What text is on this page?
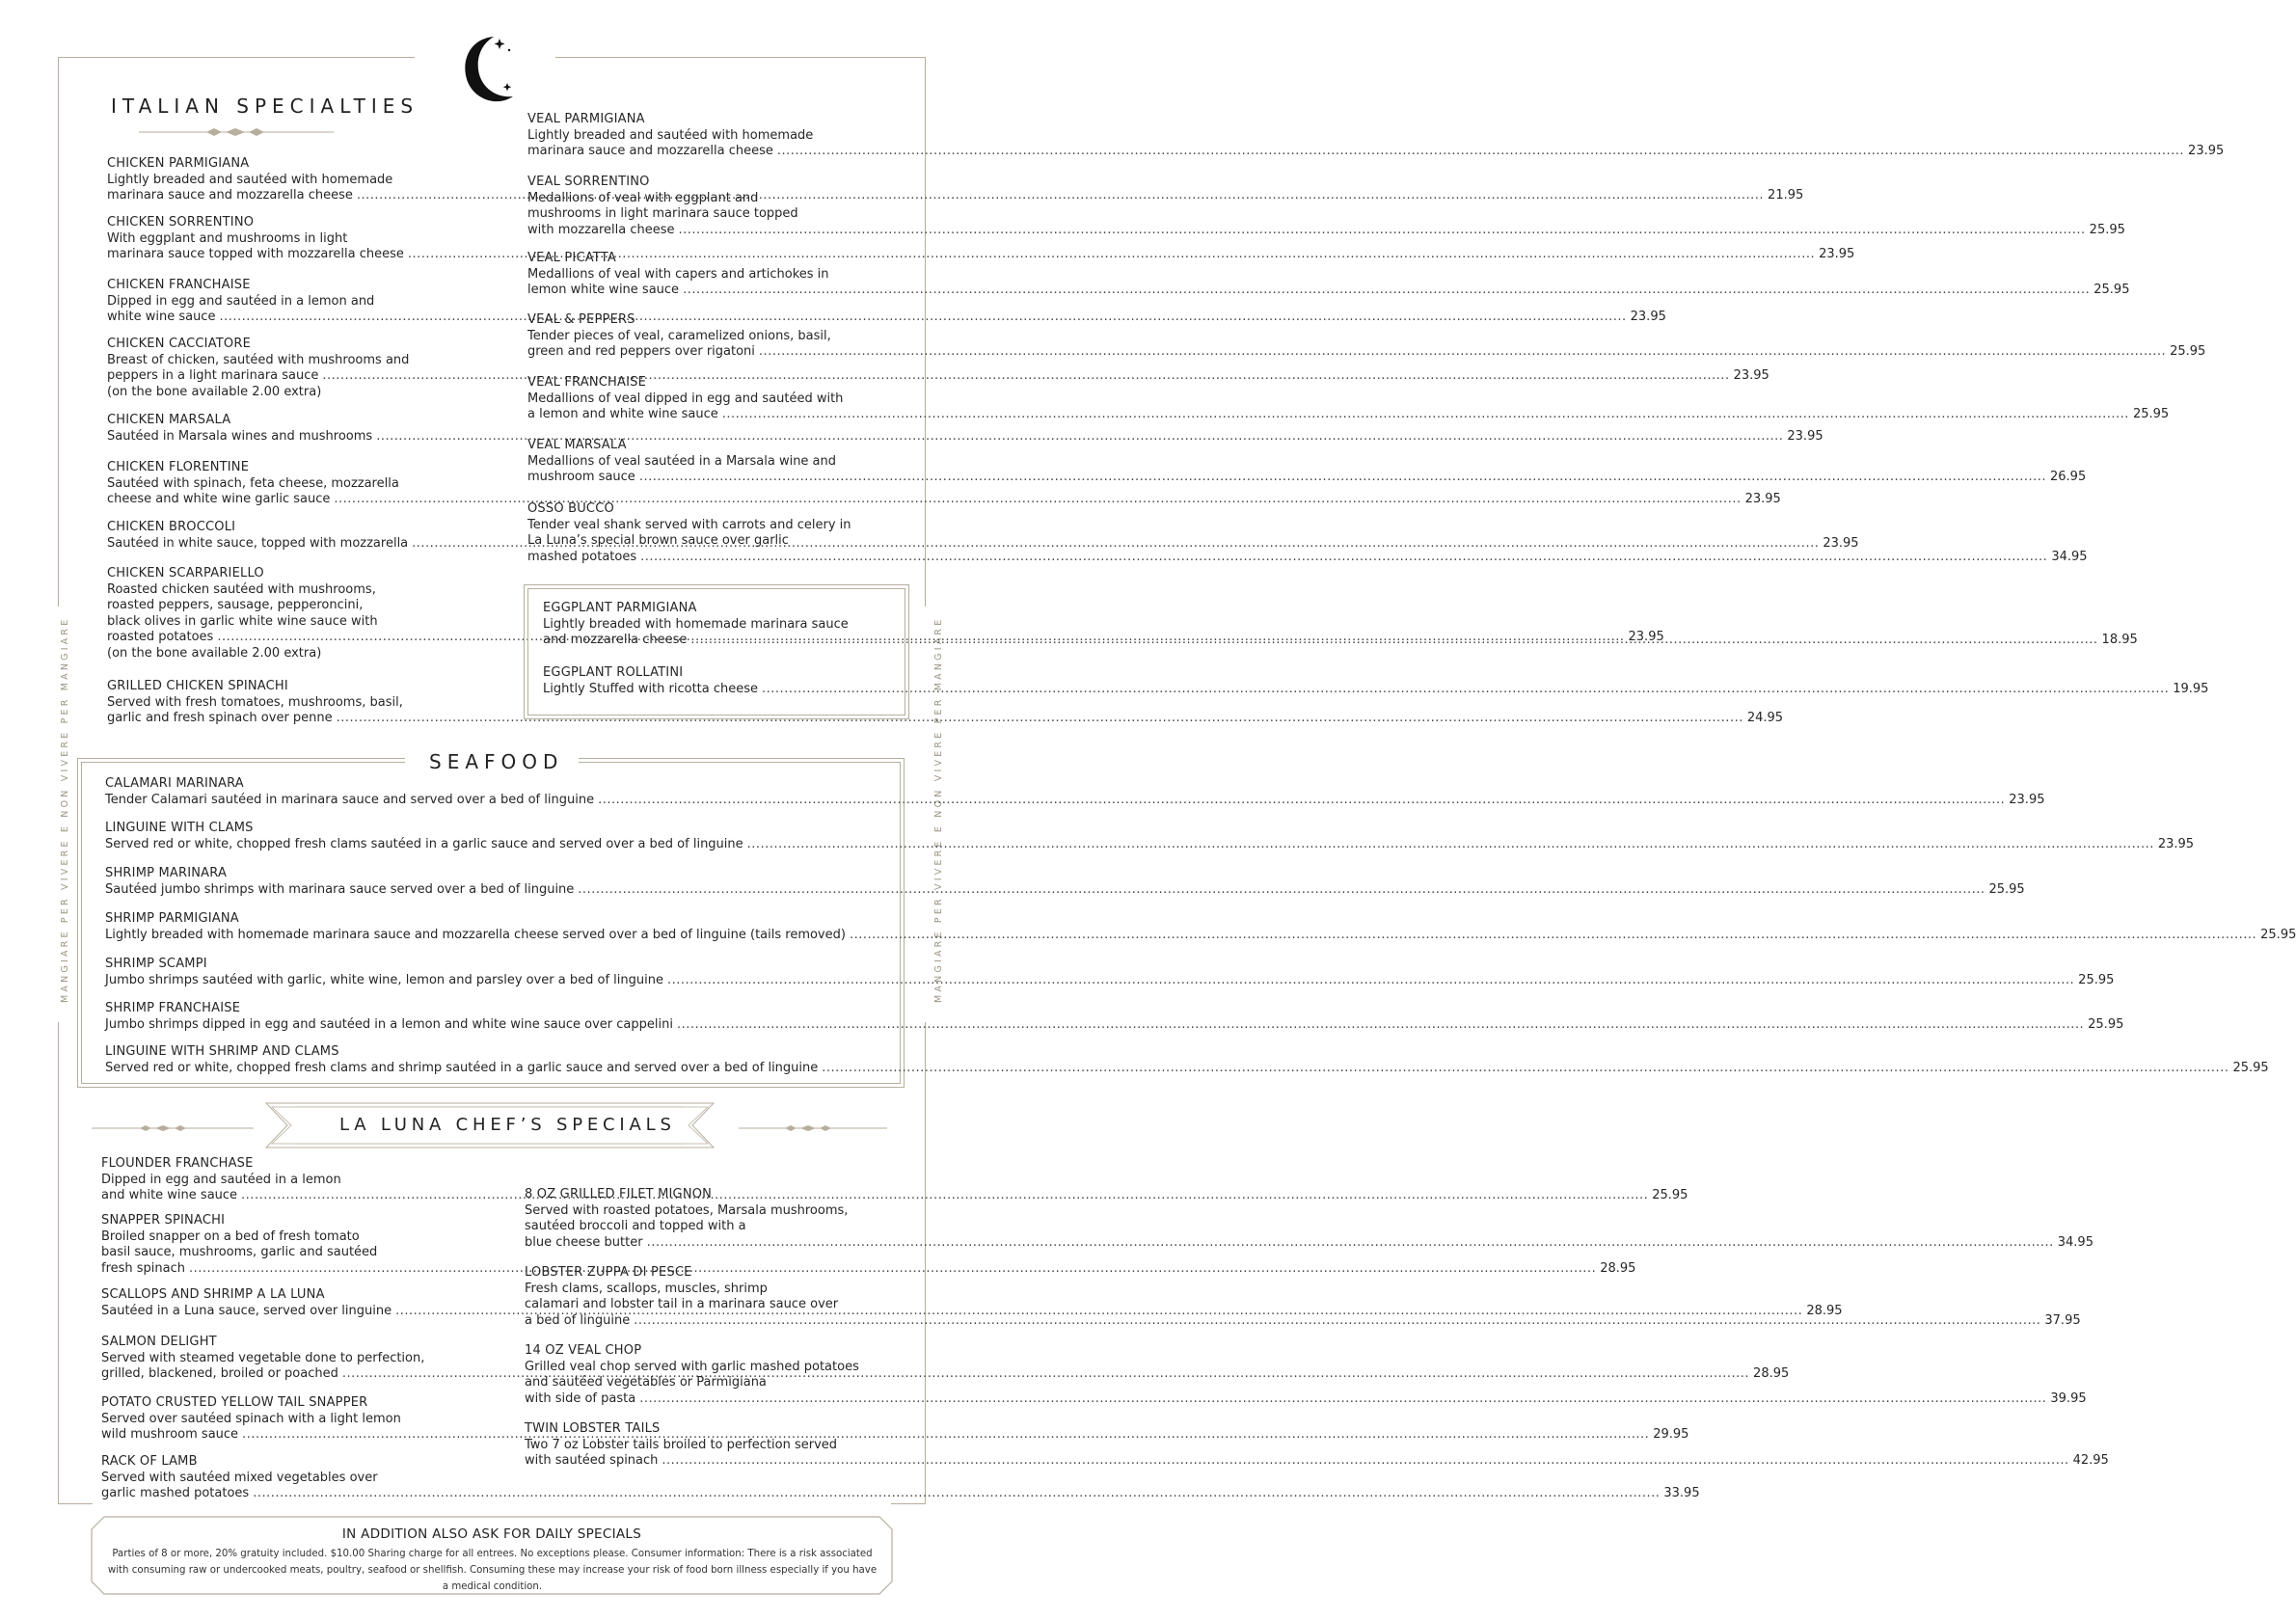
MANGIARE PER VIVERE E NON VIVERE PER MANGIARE	MANGIARE PER VIVERE E NON VIVERE PER MANGIARE
ITALIAN SPECIALTIES
CHICKEN PARMIGIANA
Lightly breaded and sautéed with homemade
marinara sauce and mozzarella cheese .....	21.95
CHICKEN SORRENTINO
With eggplant and mushrooms in light
marinara sauce topped with mozzarella cheese .....	23.95
CHICKEN FRANCHAISE
Dipped in egg and sautéed in a lemon and
white wine sauce .....	23.95
CHICKEN CACCIATORE
Breast of chicken, sautéed with mushrooms and
peppers in a light marinara sauce .....	23.95
(on the bone available 2.00 extra)
CHICKEN MARSALA
Sautéed in Marsala wines and mushrooms .....	23.95
CHICKEN FLORENTINE
Sautéed with spinach, feta cheese, mozzarella
cheese and white wine garlic sauce .....	23.95
CHICKEN BROCCOLI
Sautéed in white sauce, topped with mozzarella .....	23.95
CHICKEN SCARPARIELLO
Roasted chicken sautéed with mushrooms,
roasted peppers, sausage, pepperoncini,
black olives in garlic white wine sauce with
roasted potatoes .....	23.95
(on the bone available 2.00 extra)
GRILLED CHICKEN SPINACHI
Served with fresh tomatoes, mushrooms, basil,
garlic and fresh spinach over penne .....	24.95
VEAL PARMIGIANA
Lightly breaded and sautéed with homemade
marinara sauce and mozzarella cheese .....	23.95
VEAL SORRENTINO
Medallions of veal with eggplant and
mushrooms in light marinara sauce topped
with mozzarella cheese .....	25.95
VEAL PICATTA
Medallions of veal with capers and artichokes in
lemon white wine sauce .....	25.95
VEAL & PEPPERS
Tender pieces of veal, caramelized onions, basil,
green and red peppers over rigatoni .....	25.95
VEAL FRANCHAISE
Medallions of veal dipped in egg and sautéed with
a lemon and white wine sauce .....	25.95
VEAL MARSALA
Medallions of veal sautéed in a Marsala wine and
mushroom sauce .....	26.95
OSSO BUCCO
Tender veal shank served with carrots and celery in
La Luna’s special brown sauce over garlic
mashed potatoes .....	34.95
EGGPLANT PARMIGIANA
Lightly breaded with homemade marinara sauce
and mozzarella cheese .....	18.95
EGGPLANT ROLLATINI
Lightly Stuffed with ricotta cheese .....	19.95
SEAFOOD
CALAMARI MARINARA
Tender Calamari sautéed in marinara sauce and served over a bed of linguine .....	23.95
LINGUINE WITH CLAMS
Served red or white, chopped fresh clams sautéed in a garlic sauce and served over a bed of linguine .....	23.95
SHRIMP MARINARA
Sautéed jumbo shrimps with marinara sauce served over a bed of linguine .....	25.95
SHRIMP PARMIGIANA
Lightly breaded with homemade marinara sauce and mozzarella cheese served over a bed of linguine (tails removed) .....	25.95
SHRIMP SCAMPI
Jumbo shrimps sautéed with garlic, white wine, lemon and parsley over a bed of linguine .....	25.95
SHRIMP FRANCHAISE
Jumbo shrimps dipped in egg and sautéed in a lemon and white wine sauce over cappelini .....	25.95
LINGUINE WITH SHRIMP AND CLAMS
Served red or white, chopped fresh clams and shrimp sautéed in a garlic sauce and served over a bed of linguine .....	25.95
LA LUNA CHEF’S SPECIALS
FLOUNDER FRANCHASE
Dipped in egg and sautéed in a lemon
and white wine sauce .....	25.95
SNAPPER SPINACHI
Broiled snapper on a bed of fresh tomato
basil sauce, mushrooms, garlic and sautéed
fresh spinach .....	28.95
SCALLOPS AND SHRIMP A LA LUNA
Sautéed in a Luna sauce, served over linguine .....	28.95
SALMON DELIGHT
Served with steamed vegetable done to perfection,
grilled, blackened, broiled or poached .....	28.95
POTATO CRUSTED YELLOW TAIL SNAPPER
Served over sautéed spinach with a light lemon
wild mushroom sauce .....	29.95
RACK OF LAMB
Served with sautéed mixed vegetables over
garlic mashed potatoes .....	33.95
8 OZ GRILLED FILET MIGNON
Served with roasted potatoes, Marsala mushrooms,
sautéed broccoli and topped with a
blue cheese butter .....	34.95
LOBSTER ZUPPA DI PESCE
Fresh clams, scallops, muscles, shrimp
calamari and lobster tail in a marinara sauce over
a bed of linguine .....	37.95
14 OZ VEAL CHOP
Grilled veal chop served with garlic mashed potatoes
and sautéed vegetables or Parmigiana
with side of pasta .....	39.95
TWIN LOBSTER TAILS
Two 7 oz Lobster tails broiled to perfection served
with sautéed spinach .....	42.95
IN ADDITION ALSO ASK FOR DAILY SPECIALS
Parties of 8 or more, 20% gratuity included. $10.00 Sharing charge for all entrees. No exceptions please. Consumer information: There is a risk associated with consuming raw or undercooked meats, poultry, seafood or shellfish. Consuming these may increase your risk of food born illness especially if you have a medical condition.
